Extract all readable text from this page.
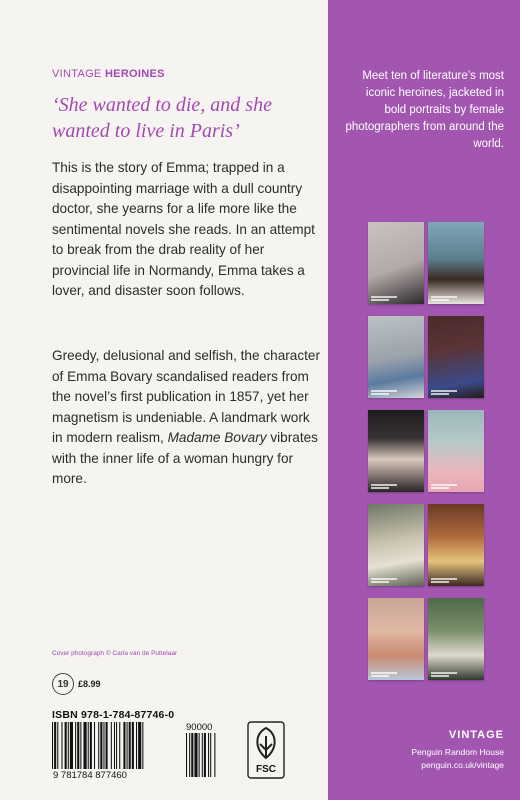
VINTAGE HEROINES
‘She wanted to die, and she wanted to live in Paris’
This is the story of Emma; trapped in a disappointing marriage with a dull country doctor, she yearns for a life more like the sentimental novels she reads. In an attempt to break from the drab reality of her provincial life in Normandy, Emma takes a lover, and disaster soon follows.
Greedy, delusional and selfish, the character of Emma Bovary scandalised readers from the novel’s first publication in 1857, yet her magnetism is undeniable. A landmark work in modern realism, Madame Bovary vibrates with the inner life of a woman hungry for more.
Cover photograph © Carla van de Puttelaar
19 £8.99
ISBN 978-1-784-87746-0
9 781784 877460
90000
FSC
Meet ten of literature’s most iconic heroines, jacketed in bold portraits by female photographers from around the world.
VINTAGE
Penguin Random House
penguin.co.uk/vintage
